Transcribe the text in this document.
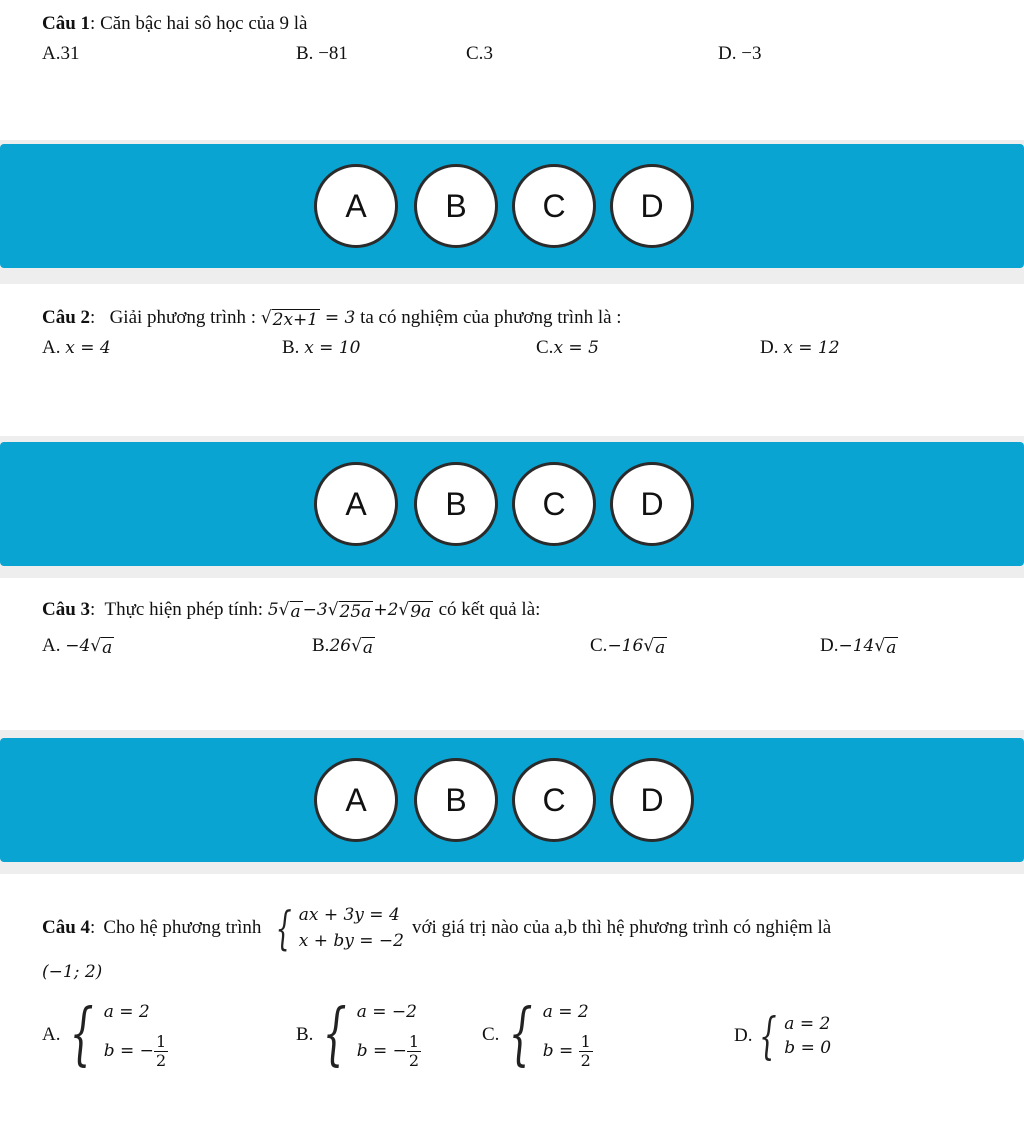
Câu 1: Căn bậc hai sô học của 9 là
A.31	B. −81	C.3	D. −3
A	B	C	D
Câu 2: Giải phương trình : √ 2x+1 = 3 ta có nghiệm của phương trình là :
A. x = 4	B. x = 10	C.x = 5	D. x = 12
A	B	C	D
Câu 3: Thực hiện phép tính: 5 √ a −3 √ 25a +2 √ 9a có kết quả là:
A. −4 √ a	B.26 √ a	C.−16 √ a	D.−14 √ a
A	B	C	D
Câu 4 : Cho hệ phương trình { ax + 3y = 4
x + by = −2
với giá trị nào của a,b thì hệ phương trình có nghiệm là
(−1; 2)
A. { a = 2
b = − $\frac{1}{2}$	B. { a = −2
b = − $\frac{1}{2}$	C. { a = 2
$b = \frac{1}{2}$	D. { a = 2
b = 0
